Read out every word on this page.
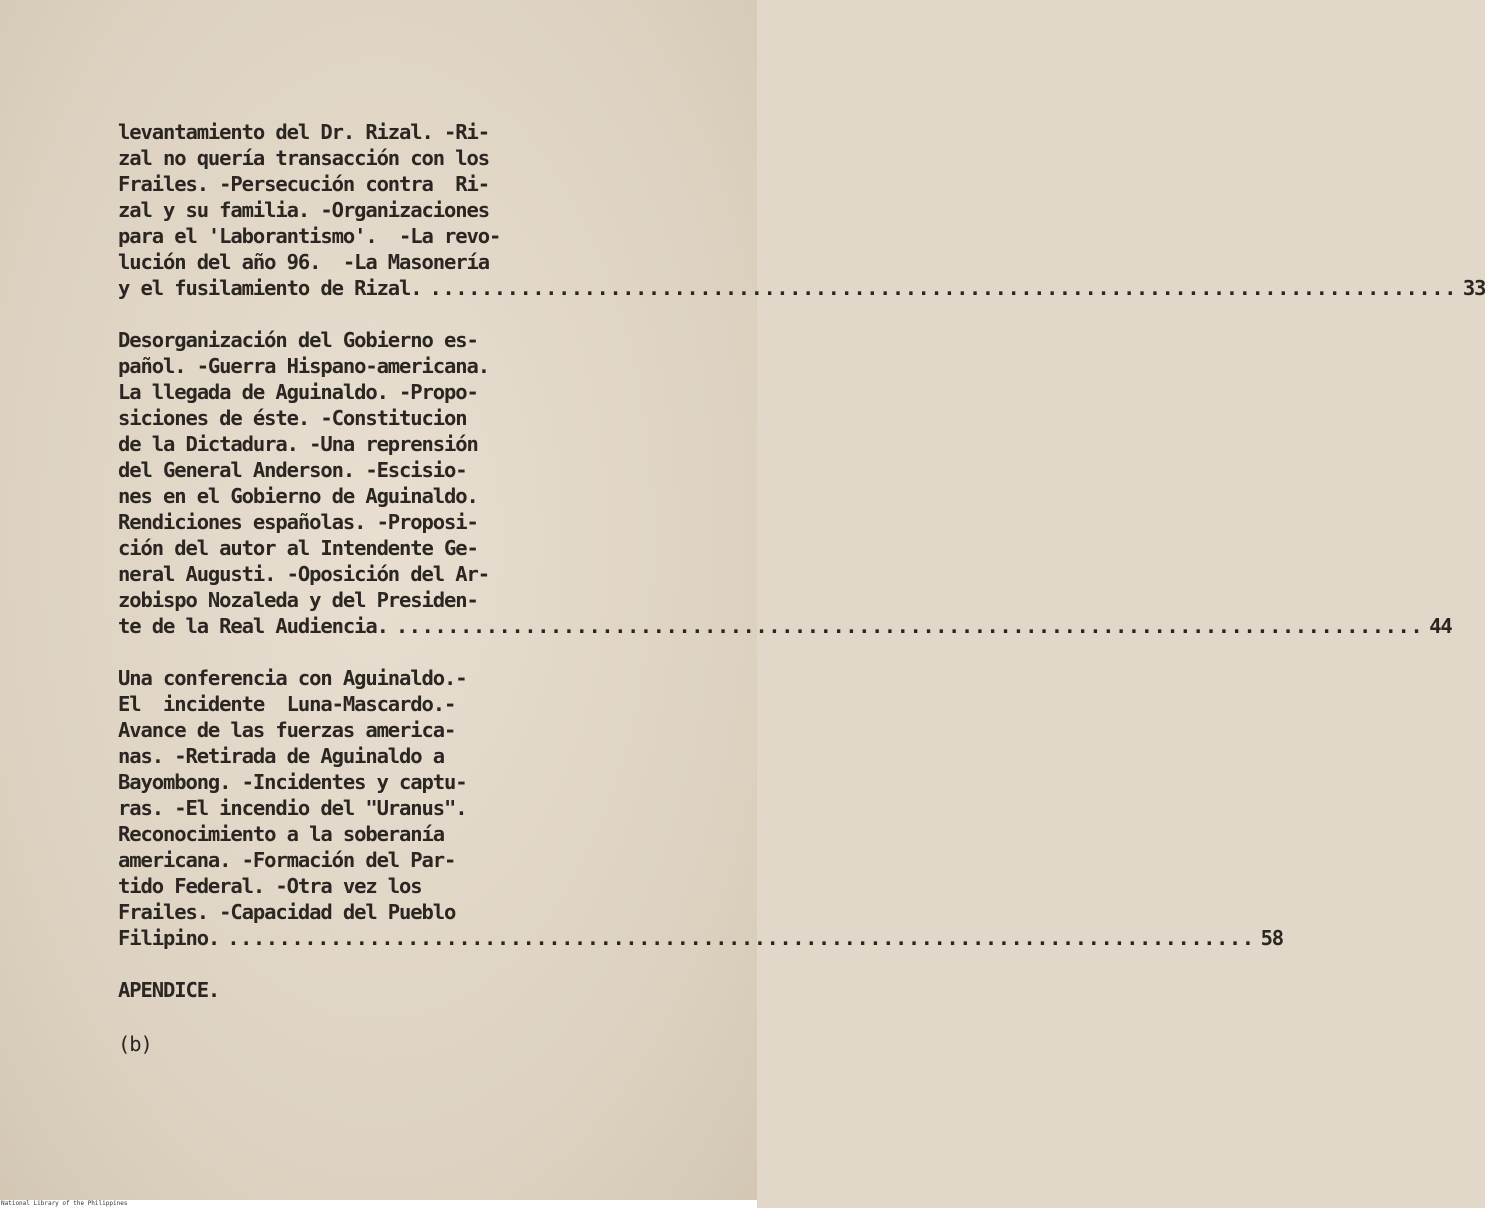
levantamiento del Dr. Rizal. -Ri-
zal no quería transacción con los
Frailes. -Persecución contra  Ri-
zal y su familia. -Organizaciones
para el 'Laborantismo'.  -La revo-
lución del año 96.  -La Masonería
y el fusilamiento de Rizal. ................................................................................ 33
Desorganización del Gobierno es-
pañol. -Guerra Hispano-americana.
La llegada de Aguinaldo. -Propo-
siciones de éste. -Constitucion
de la Dictadura. -Una reprensión
del General Anderson. -Escisio-
nes en el Gobierno de Aguinaldo.
Rendiciones españolas. -Proposi-
ción del autor al Intendente Ge-
neral Augusti. -Oposición del Ar-
zobispo Nozaleda y del Presiden-
te de la Real Audiencia. ................................................................................ 44
Una conferencia con Aguinaldo.-
El  incidente  Luna-Mascardo.-
Avance de las fuerzas america-
nas. -Retirada de Aguinaldo a
Bayombong. -Incidentes y captu-
ras. -El incendio del "Uranus".
Reconocimiento a la soberanía
americana. -Formación del Par-
tido Federal. -Otra vez los
Frailes. -Capacidad del Pueblo
Filipino. ................................................................................ 58
APENDICE.
(b)
National Library of the Philippines
